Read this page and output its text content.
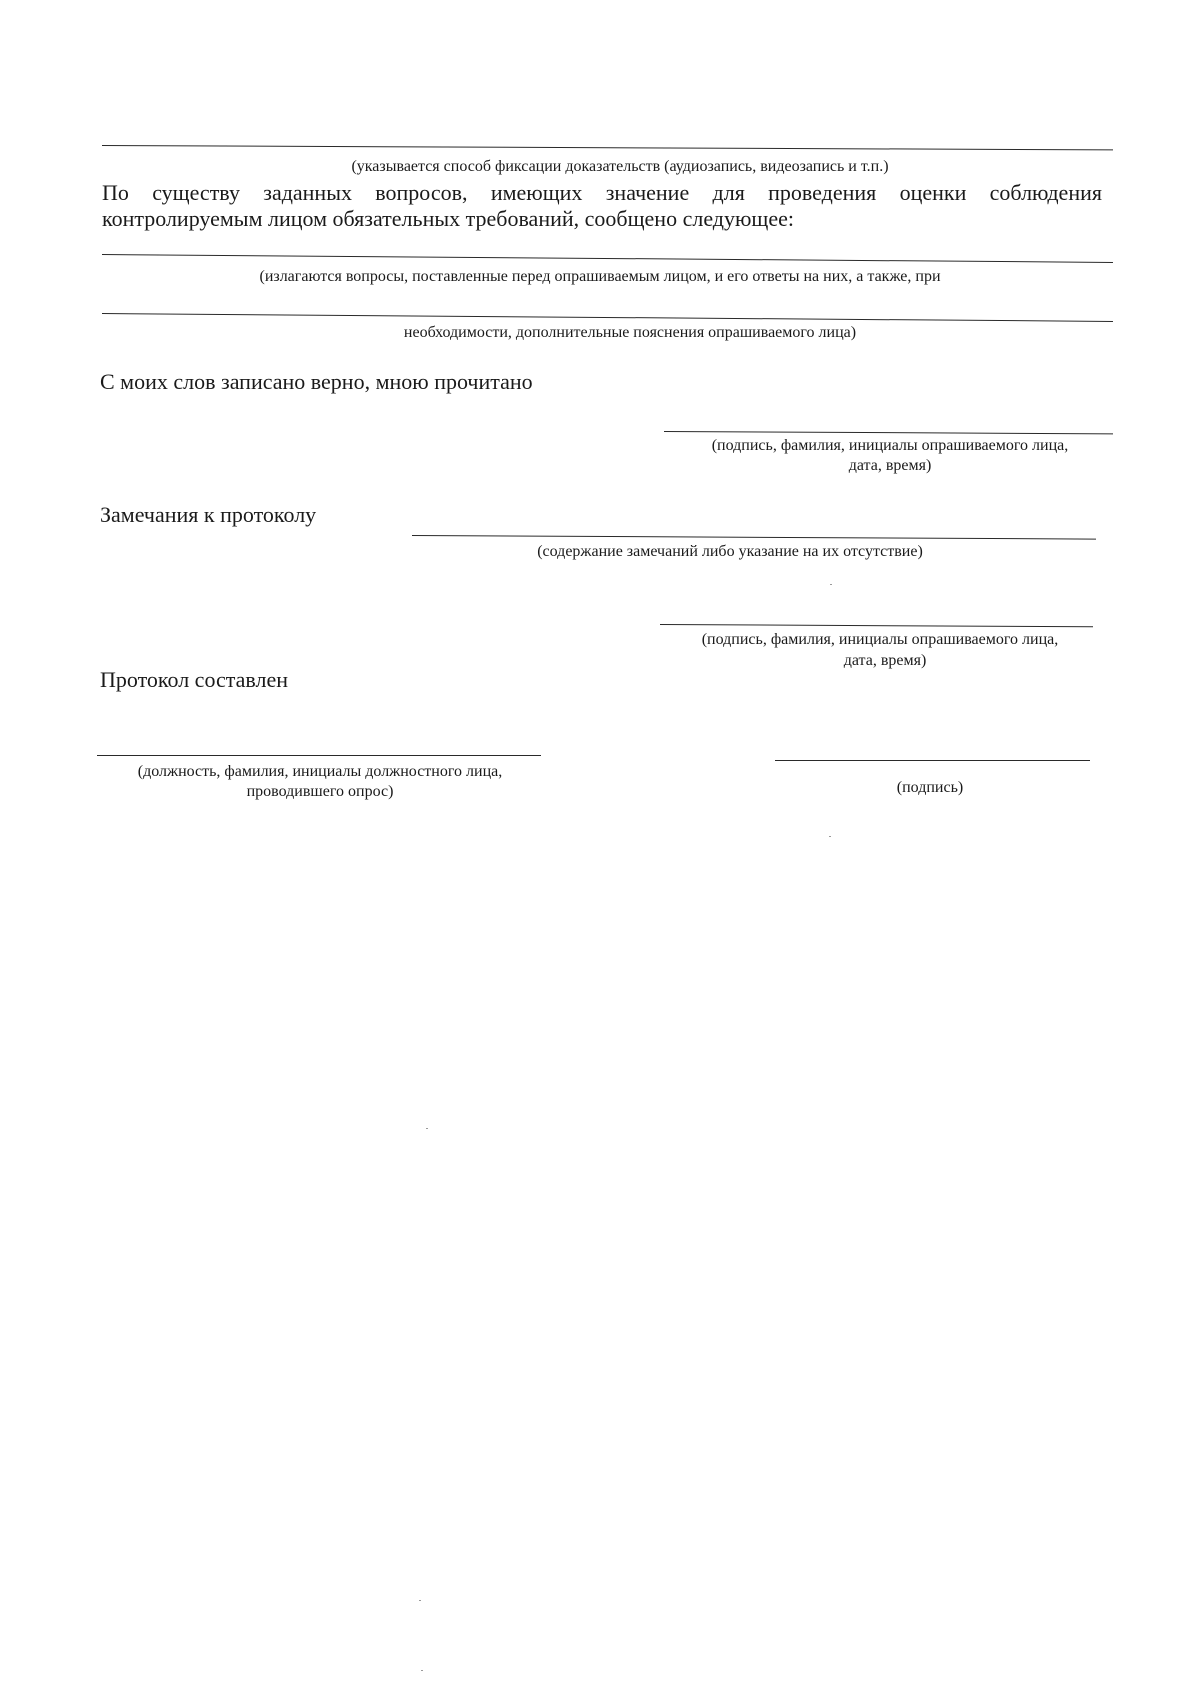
(указывается способ фиксации доказательств (аудиозапись, видеозапись и т.п.)
По существу заданных вопросов, имеющих значение для проведения оценки соблюдения
контролируемым лицом обязательных требований, сообщено следующее:
(излагаются вопросы, поставленные перед опрашиваемым лицом, и его ответы на них, а также, при
необходимости, дополнительные пояснения опрашиваемого лица)
С моих слов записано верно, мною прочитано
(подпись, фамилия, инициалы опрашиваемого лица,
дата, время)
Замечания к протоколу
(содержание замечаний либо указание на их отсутствие)
(подпись, фамилия, инициалы опрашиваемого лица,
дата, время)
Протокол составлен
(должность, фамилия, инициалы должностного лица,
проводившего опрос)	(подпись)
